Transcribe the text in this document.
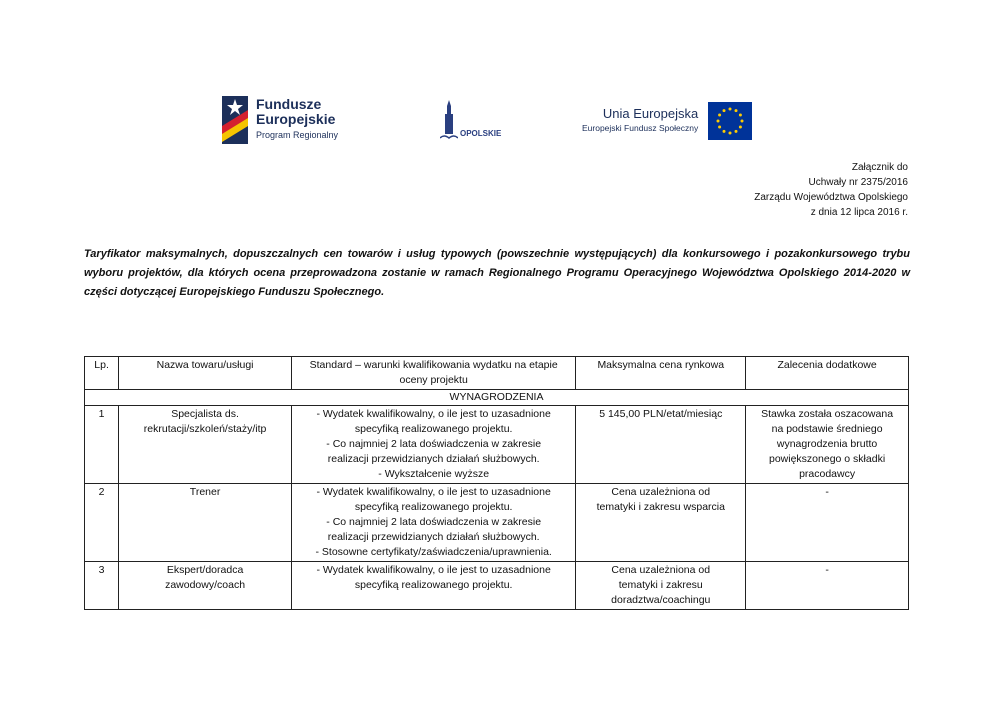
Fundusze
Europejskie
Program Regionalny	OPOLSKIE
Unia Europejska
Europejski Fundusz Społeczny
Załącznik do
Uchwały nr 2375/2016
Zarządu Województwa Opolskiego
z dnia 12 lipca 2016 r.
Taryfikator maksymalnych, dopuszczalnych cen towarów i usług typowych (powszechnie występujących) dla konkursowego i pozakonkursowego trybu wyboru projektów, dla których ocena przeprowadzona zostanie w ramach Regionalnego Programu Operacyjnego Województwa Opolskiego 2014-2020 w części dotyczącej Europejskiego Funduszu Społecznego.
Lp.	Nazwa towaru/usługi	Standard – warunki kwalifikowania wydatku na etapie oceny projektu	Maksymalna cena rynkowa	Zalecenia dodatkowe
WYNAGRODZENIA				
1	Specjalista ds.
rekrutacji/szkoleń/staży/itp	- Wydatek kwalifikowalny, o ile jest to uzasadnione
specyfiką realizowanego projektu.
- Co najmniej 2 lata doświadczenia w zakresie
realizacji przewidzianych działań służbowych.
- Wykształcenie wyższe	5 145,00 PLN/etat/miesiąc	Stawka została oszacowana
na podstawie średniego
wynagrodzenia brutto
powiększonego o składki
pracodawcy

2	Trener	- Wydatek kwalifikowalny, o ile jest to uzasadnione
specyfiką realizowanego projektu.
- Co najmniej 2 lata doświadczenia w zakresie
realizacji przewidzianych działań służbowych.
- Stosowne certyfikaty/zaświadczenia/uprawnienia.	Cena uzależniona od
tematyki i zakresu wsparcia	-

3	Ekspert/doradca
zawodowy/coach	- Wydatek kwalifikowalny, o ile jest to uzasadnione
specyfiką realizowanego projektu.	Cena uzależniona od
tematyki i zakresu
doradztwa/coachingu	-
